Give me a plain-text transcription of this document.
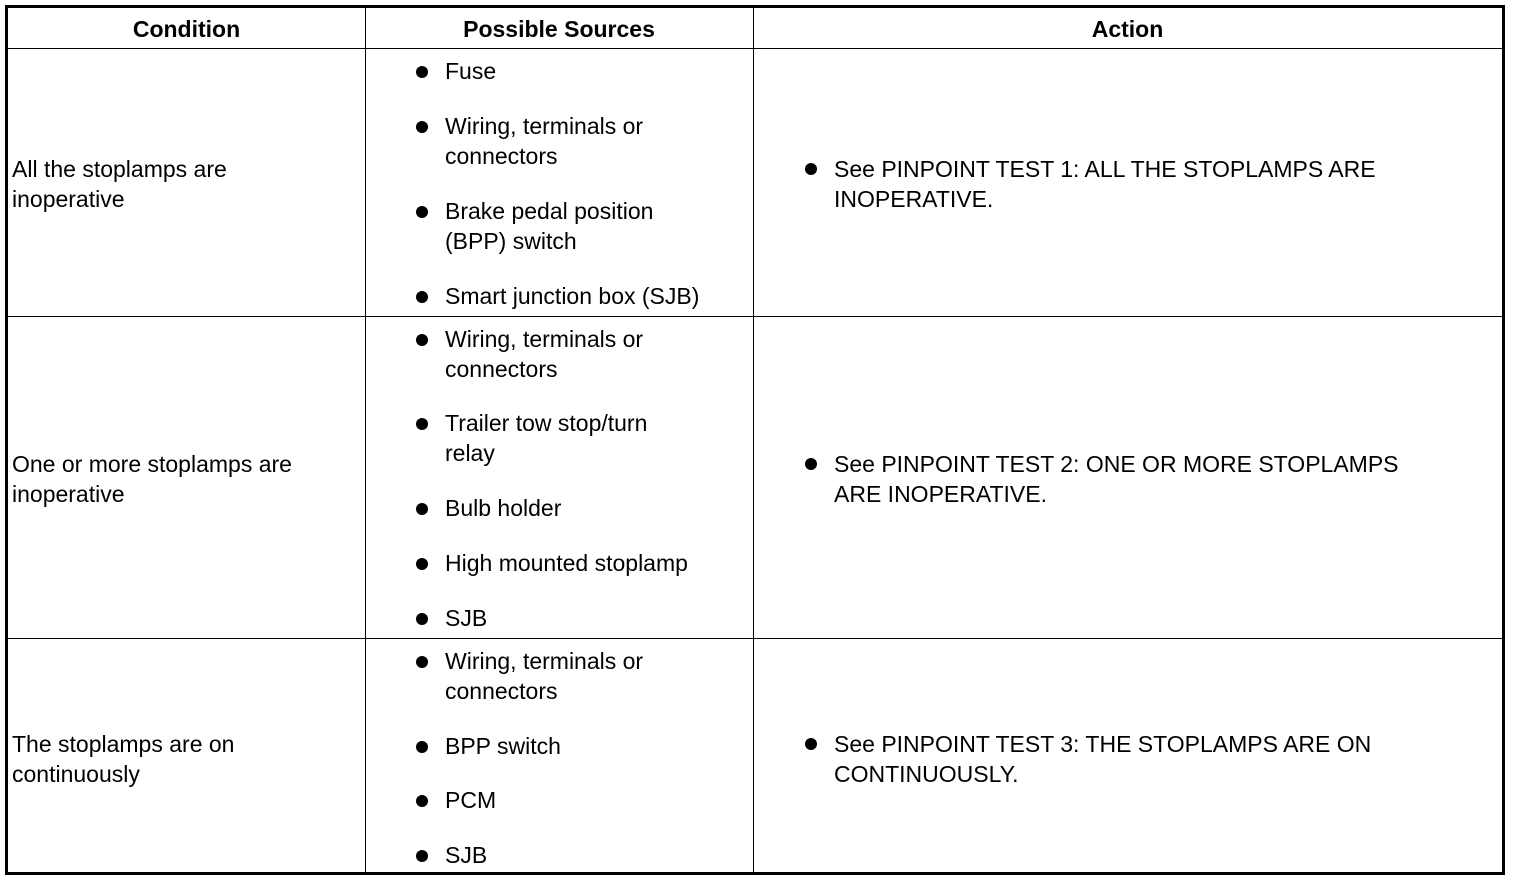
Condition	Possible Sources	Action
All the stoplamps are
inoperative
Fuse
Wiring, terminals or
connectors
Brake pedal position
(BPP) switch
Smart junction box (SJB)
See PINPOINT TEST 1: ALL THE STOPLAMPS ARE
INOPERATIVE.
One or more stoplamps are
inoperative
Wiring, terminals or
connectors
Trailer tow stop/turn
relay
Bulb holder
High mounted stoplamp
SJB
See PINPOINT TEST 2: ONE OR MORE STOPLAMPS
ARE INOPERATIVE.
The stoplamps are on
continuously
Wiring, terminals or
connectors
BPP switch
PCM
SJB
See PINPOINT TEST 3: THE STOPLAMPS ARE ON
CONTINUOUSLY.
